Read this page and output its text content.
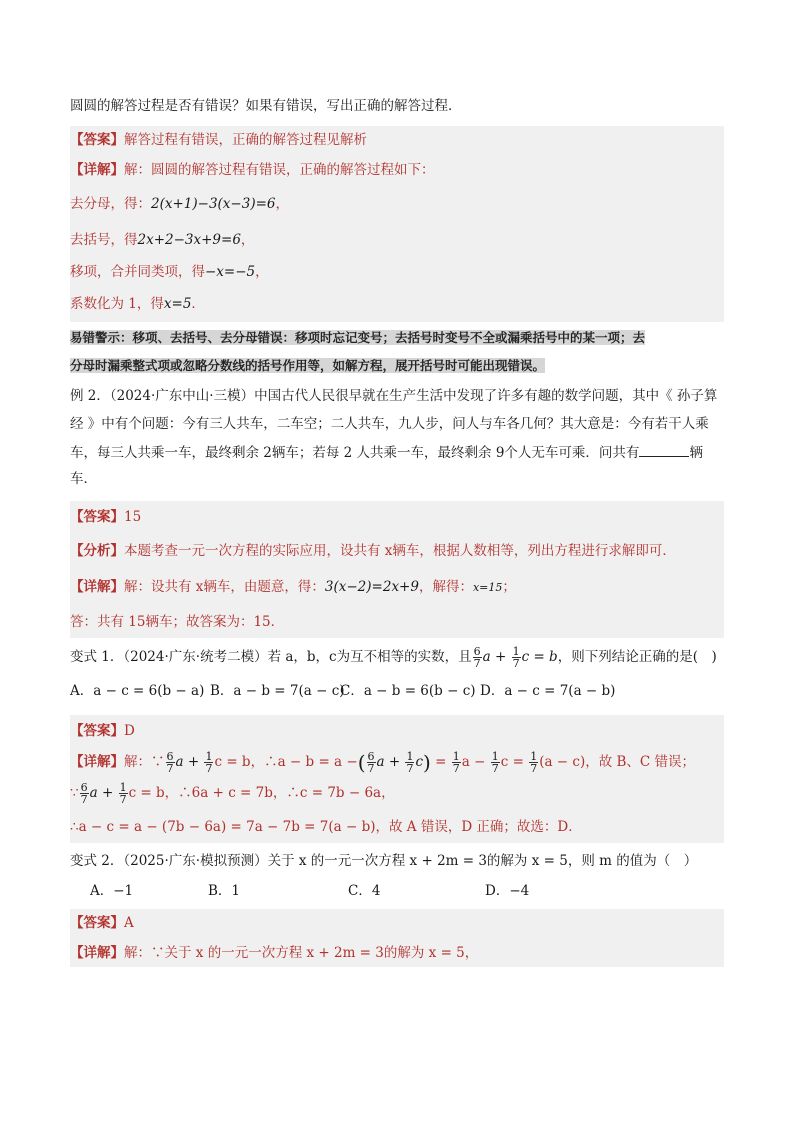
圆圆的解答过程是否有错误？如果有错误，写出正确的解答过程．
【答案】解答过程有错误，正确的解答过程见解析
【详解】解：圆圆的解答过程有错误，正确的解答过程如下：
去分母，得：2(x+1)−3(x−3)=6，
去括号，得2x+2−3x+9=6，
移项，合并同类项，得−x=−5，
系数化为 1，得x=5．
易错警示：移项、去括号、去分母错误：移项时忘记变号；去括号时变号不全或漏乘括号中的某一项；去
分母时漏乘整式项或忽略分数线的括号作用等，如解方程，展开括号时可能出现错误。
例 2．（2024·广东中山·三模）中国古代人民很早就在生产生活中发现了许多有趣的数学问题，其中《 孙子算
经 》中有个问题：今有三人共车，二车空；二人共车，九人步，问人与车各几何？其大意是：今有若干人乘
车，每三人共乘一车，最终剩余 2辆车；若每 2 人共乘一车，最终剩余 9个人无车可乘．问共有	辆
车．
【答案】15
【分析】本题考查一元一次方程的实际应用，设共有 x辆车，根据人数相等，列出方程进行求解即可．
【详解】解：设共有 x辆车，由题意，得：3(x−2)=2x+9，解得：x=15；
答：共有 15辆车；故答案为：15．
变式 1．（2024·广东·统考二模）若 a，b，c为互不相等的实数，且 $\frac{6}{7}$ $a + \frac{1}{7}$ c = b，则下列结论正确的是(　)
A．a − c = 6(b − a) B．a − b = 7(a − c)
C．a − b = 6(b − c) D．a − c = 7(a − b)
【答案】D
【详解】解：∵ $\frac{6}{7}$ $a + \frac{1}{7}$ c = b，∴a − b = a −( $\frac{6}{7}$ $a + \frac{1}{7} c) = \frac{1}{7}$ $a - \frac{1}{7}$ $c = \frac{1}{7} (a - c)$，故 B、C 错误；
∵ $\frac{6}{7}$ $a + \frac{1}{7}$ c = b，∴6a + c = 7b，∴c = 7b − 6a，
∴a − c = a − (7b − 6a) = 7a − 7b = 7(a − b)，故 A 错误，D 正确；故选：D．
变式 2．（2025·广东·模拟预测）关于 x 的一元一次方程 x + 2m = 3的解为 x = 5，则 m 的值为（　）
A．−1	B．1	C．4	D．−4
【答案】A
【详解】解：∵关于 x 的一元一次方程 x + 2m = 3的解为 x = 5，
